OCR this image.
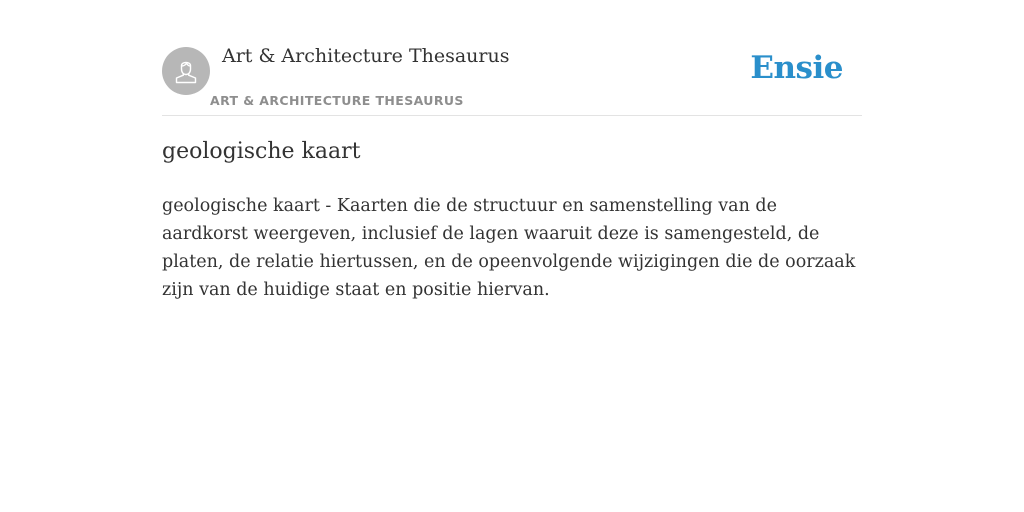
Art & Architecture Thesaurus
ART & ARCHITECTURE THESAURUS
Ensie
geologische kaart

geologische kaart - Kaarten die de structuur en samenstelling van de aardkorst weergeven, inclusief de lagen waaruit deze is samengesteld, de platen, de relatie hiertussen, en de opeenvolgende wijzigingen die de oorzaak zijn van de huidige staat en positie hiervan.
